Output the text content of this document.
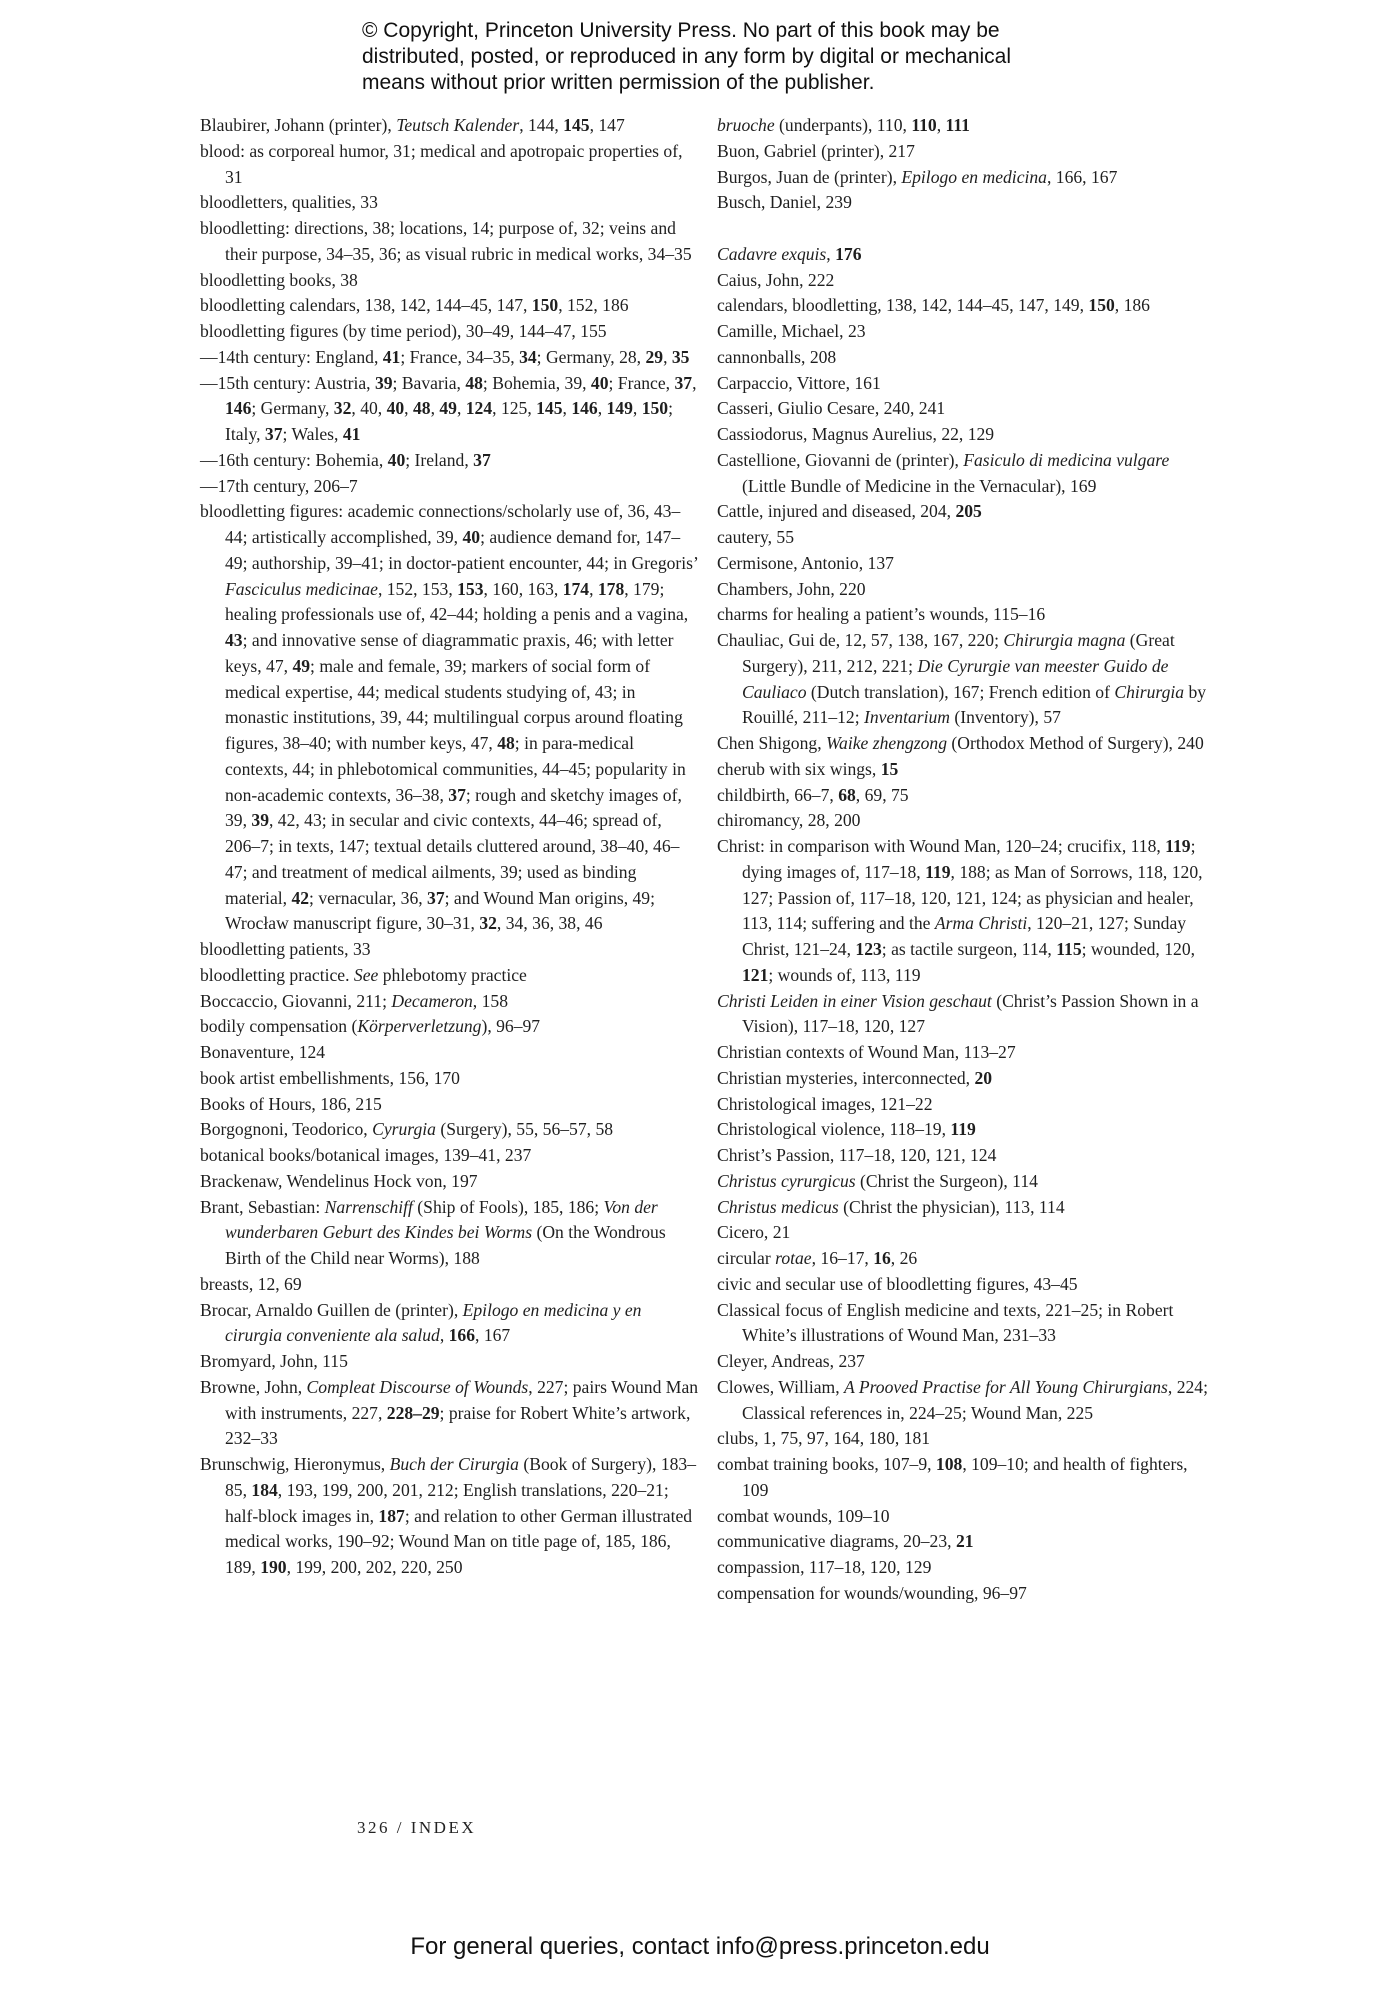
© Copyright, Princeton University Press. No part of this book may be
distributed, posted, or reproduced in any form by digital or mechanical
means without prior written permission of the publisher.

Blaubirer, Johann (printer), Teutsch Kalender, 144, 145, 147

blood: as corporeal humor, 31; medical and apotropaic properties of, 31

bloodletters, qualities, 33

bloodletting: directions, 38; locations, 14; purpose of, 32; veins and their purpose, 34–35, 36; as visual rubric in medical works, 34–35

bloodletting books, 38

bloodletting calendars, 138, 142, 144–45, 147, 150, 152, 186

bloodletting figures (by time period), 30–49, 144–47, 155

—14th century: England, 41; France, 34–35, 34; Germany, 28, 29, 35

—15th century: Austria, 39; Bavaria, 48; Bohemia, 39, 40; France, 37, 146; Germany, 32, 40, 40, 48, 49, 124, 125, 145, 146, 149, 150; Italy, 37; Wales, 41

—16th century: Bohemia, 40; Ireland, 37

—17th century, 206–7

bloodletting figures: academic connections/scholarly use of, 36, 43–44; artistically accomplished, 39, 40; audience demand for, 147–49; authorship, 39–41; in doctor-patient encounter, 44; in Gregoris’ Fasciculus medicinae, 152, 153, 153, 160, 163, 174, 178, 179; healing professionals use of, 42–44; holding a penis and a vagina, 43; and innovative sense of diagrammatic praxis, 46; with letter keys, 47, 49; male and female, 39; markers of social form of medical expertise, 44; medical students studying of, 43; in monastic institutions, 39, 44; multilingual corpus around floating figures, 38–40; with number keys, 47, 48; in para-medical contexts, 44; in phlebotomical communities, 44–45; popularity in non-academic contexts, 36–38, 37; rough and sketchy images of, 39, 39, 42, 43; in secular and civic contexts, 44–46; spread of, 206–7; in texts, 147; textual details cluttered around, 38–40, 46–47; and treatment of medical ailments, 39; used as binding material, 42; vernacular, 36, 37; and Wound Man origins, 49; Wrocław manuscript figure, 30–31, 32, 34, 36, 38, 46

bloodletting patients, 33

bloodletting practice. See phlebotomy practice

Boccaccio, Giovanni, 211; Decameron, 158

bodily compensation (Körperverletzung), 96–97

Bonaventure, 124

book artist embellishments, 156, 170

Books of Hours, 186, 215

Borgognoni, Teodorico, Cyrurgia (Surgery), 55, 56–57, 58

botanical books/botanical images, 139–41, 237

Brackenaw, Wendelinus Hock von, 197

Brant, Sebastian: Narrenschiff (Ship of Fools), 185, 186; Von der wunderbaren Geburt des Kindes bei Worms (On the Wondrous Birth of the Child near Worms), 188

breasts, 12, 69

Brocar, Arnaldo Guillen de (printer), Epilogo en medicina y en cirurgia conveniente ala salud, 166, 167

Bromyard, John, 115

Browne, John, Compleat Discourse of Wounds, 227; pairs Wound Man with instruments, 227, 228–29; praise for Robert White’s artwork, 232–33

Brunschwig, Hieronymus, Buch der Cirurgia (Book of Surgery), 183–85, 184, 193, 199, 200, 201, 212; English translations, 220–21; half-block images in, 187; and relation to other German illustrated medical works, 190–92; Wound Man on title page of, 185, 186, 189, 190, 199, 200, 202, 220, 250

bruoche (underpants), 110, 110, 111

Buon, Gabriel (printer), 217

Burgos, Juan de (printer), Epilogo en medicina, 166, 167

Busch, Daniel, 239

Cadavre exquis, 176

Caius, John, 222

calendars, bloodletting, 138, 142, 144–45, 147, 149, 150, 186

Camille, Michael, 23

cannonballs, 208

Carpaccio, Vittore, 161

Casseri, Giulio Cesare, 240, 241

Cassiodorus, Magnus Aurelius, 22, 129

Castellione, Giovanni de (printer), Fasiculo di medicina vulgare (Little Bundle of Medicine in the Vernacular), 169

Cattle, injured and diseased, 204, 205

cautery, 55

Cermisone, Antonio, 137

Chambers, John, 220

charms for healing a patient’s wounds, 115–16

Chauliac, Gui de, 12, 57, 138, 167, 220; Chirurgia magna (Great Surgery), 211, 212, 221; Die Cyrurgie van meester Guido de Cauliaco (Dutch translation), 167; French edition of Chirurgia by Rouillé, 211–12; Inventarium (Inventory), 57

Chen Shigong, Waike zhengzong (Orthodox Method of Surgery), 240

cherub with six wings, 15

childbirth, 66–7, 68, 69, 75

chiromancy, 28, 200

Christ: in comparison with Wound Man, 120–24; crucifix, 118, 119; dying images of, 117–18, 119, 188; as Man of Sorrows, 118, 120, 127; Passion of, 117–18, 120, 121, 124; as physician and healer, 113, 114; suffering and the Arma Christi, 120–21, 127; Sunday Christ, 121–24, 123; as tactile surgeon, 114, 115; wounded, 120, 121; wounds of, 113, 119

Christi Leiden in einer Vision geschaut (Christ’s Passion Shown in a Vision), 117–18, 120, 127

Christian contexts of Wound Man, 113–27

Christian mysteries, interconnected, 20

Christological images, 121–22

Christological violence, 118–19, 119

Christ’s Passion, 117–18, 120, 121, 124

Christus cyrurgicus (Christ the Surgeon), 114

Christus medicus (Christ the physician), 113, 114

Cicero, 21

circular rotae, 16–17, 16, 26

civic and secular use of bloodletting figures, 43–45

Classical focus of English medicine and texts, 221–25; in Robert White’s illustrations of Wound Man, 231–33

Cleyer, Andreas, 237

Clowes, William, A Prooved Practise for All Young Chirurgians, 224; Classical references in, 224–25; Wound Man, 225

clubs, 1, 75, 97, 164, 180, 181

combat training books, 107–9, 108, 109–10; and health of fighters, 109

combat wounds, 109–10

communicative diagrams, 20–23, 21

compassion, 117–18, 120, 129

compensation for wounds/wounding, 96–97

326 / INDEX
For general queries, contact info@press.princeton.edu
